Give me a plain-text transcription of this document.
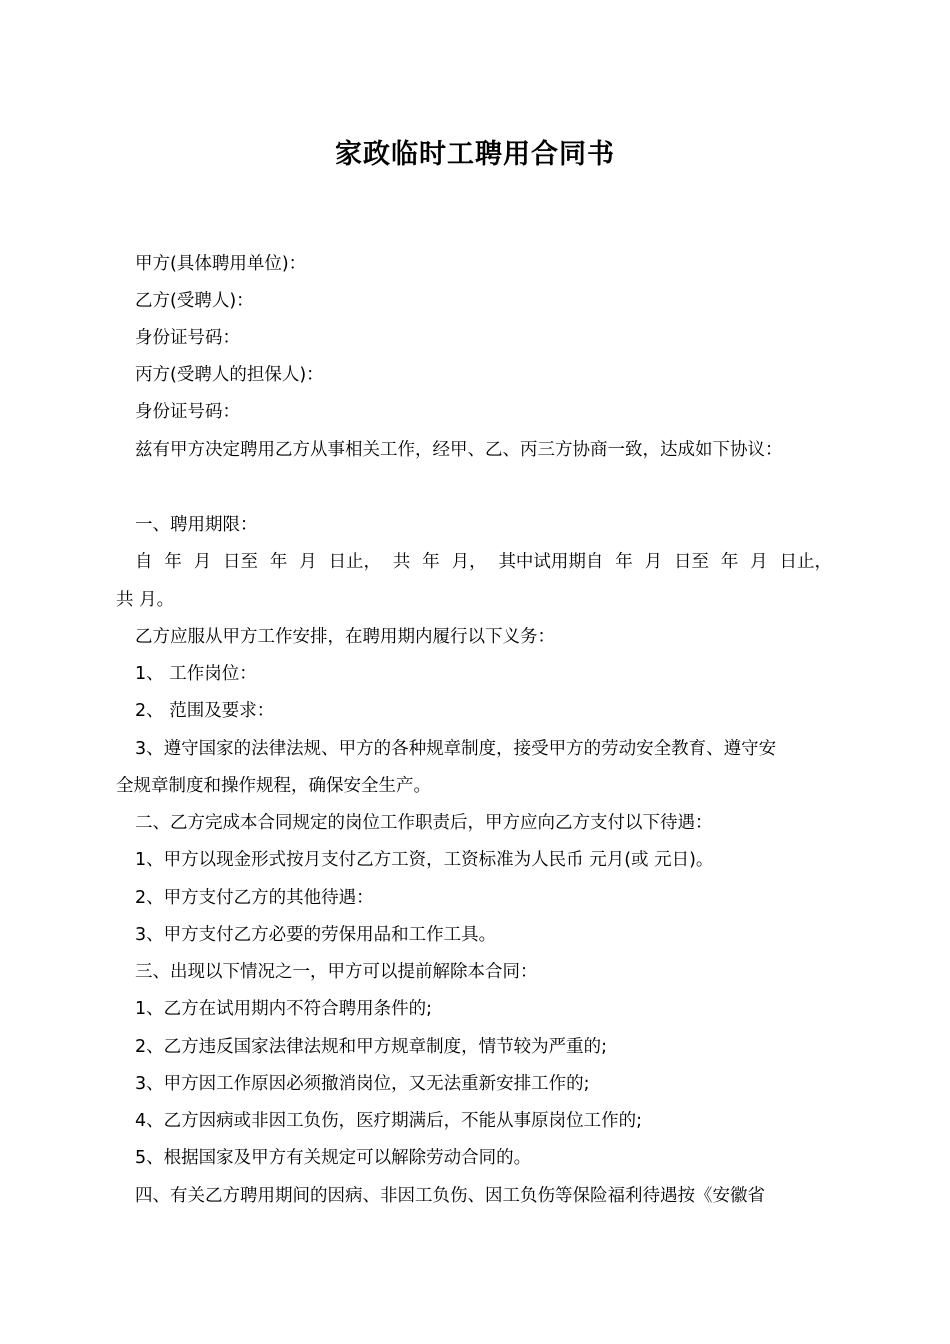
家政临时工聘用合同书

甲方(具体聘用单位)：

乙方(受聘人)：

身份证号码：

丙方(受聘人的担保人)：

身份证号码：

兹有甲方决定聘用乙方从事相关工作，经甲、乙、丙三方协商一致，达成如下协议：

一、聘用期限：

自 年 月 日至 年 月 日止， 共 年 月， 其中试用期自 年 月 日至 年 月 日止，

共 月。

乙方应服从甲方工作安排，在聘用期内履行以下义务：

1、 工作岗位：

2、 范围及要求：

3、遵守国家的法律法规、甲方的各种规章制度，接受甲方的劳动安全教育、遵守安

全规章制度和操作规程，确保安全生产。

二、乙方完成本合同规定的岗位工作职责后，甲方应向乙方支付以下待遇：

1、甲方以现金形式按月支付乙方工资，工资标准为人民币 元月(或 元日)。

2、甲方支付乙方的其他待遇：

3、甲方支付乙方必要的劳保用品和工作工具。

三、出现以下情况之一，甲方可以提前解除本合同：

1、乙方在试用期内不符合聘用条件的;

2、乙方违反国家法律法规和甲方规章制度，情节较为严重的;

3、甲方因工作原因必须撤消岗位，又无法重新安排工作的;

4、乙方因病或非因工负伤，医疗期满后，不能从事原岗位工作的;

5、根据国家及甲方有关规定可以解除劳动合同的。

四、有关乙方聘用期间的因病、非因工负伤、因工负伤等保险福利待遇按《安徽省
